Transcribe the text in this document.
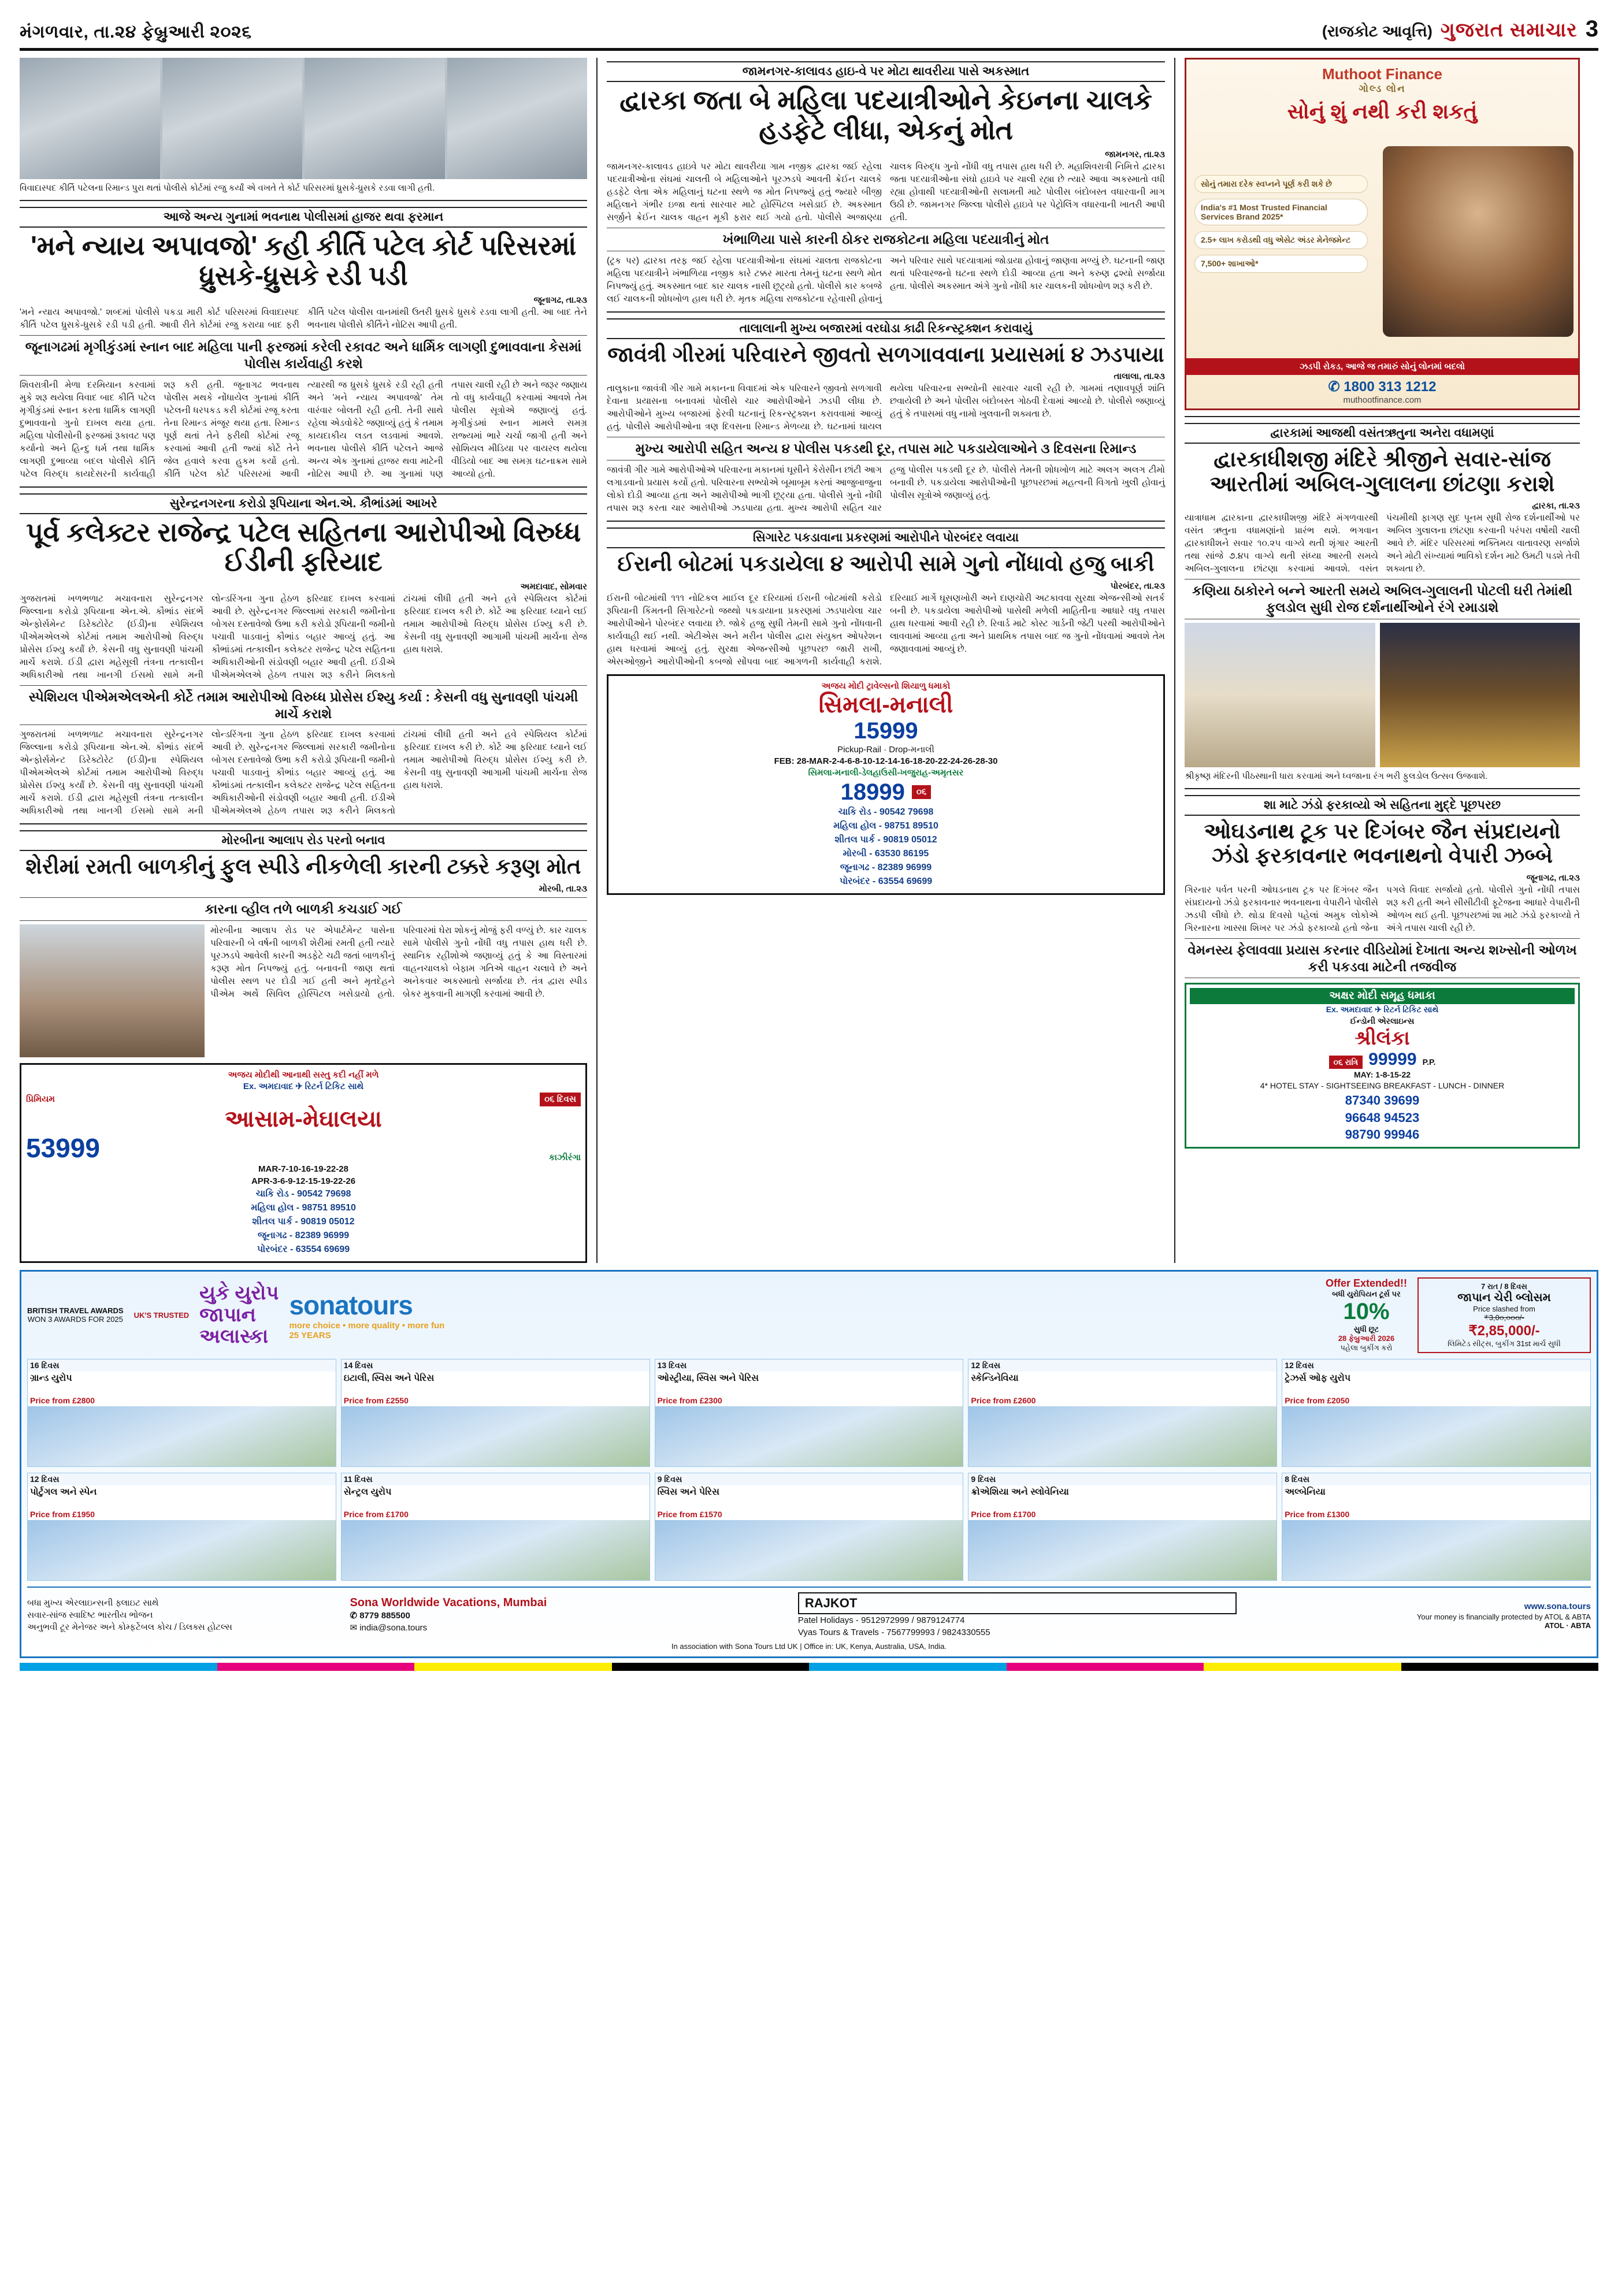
મંગળવાર, તા.૨૪ ફેબ્રુઆરી ૨૦૨૬	(રાજકોટ આવૃત્તિ) ગુજરાત સમાચાર 3
વિવાદાસ્પદ કીર્તિ પટેલના રિમાન્ડ પુરા થતાં પોલીસે કોર્ટમાં રજુ કર્યાં એ વખતે તે કોર્ટ પરિસરમાં ધ્રુસકે-ધ્રુસકે રડવા લાગી હતી.
આજે અન્ય ગુનામાં ભવનાથ પોલીસમાં હાજર થવા ફરમાન
'મને ન્યાય અપાવજો' કહી કીર્તિ પટેલ કોર્ટ પરિસરમાં ધ્રુસકે-ધ્રુસકે રડી પડી
જૂનાગઢ, તા.૨૩
'મને ન્યાય અપાવજો.' શબ્દમાં પોલીસે પકડા મારી કોર્ટ પરિસરમાં વિવાદાસ્પદ કીર્તિ પટેલ ધ્રુસકે-ધ્રુસકે રડી પડી હતી. આવી રીતે કોર્ટમાં રજુ કરાયા બાદ ફરી કીર્તિ પટેલ પોલીસ વાનમાંથી ઉતરી ધ્રુસકે ધ્રુસકે રડવા લાગી હતી. આ બાદ તેને ભવનાથ પોલીસે કીર્તિને નોટિસ આપી હતી.
જૂનાગઢમાં મૃગીકુંડમાં સ્નાન બાદ મહિલા પાની ફરજમાં કરેલી રકાવટ અને ધાર્મિક લાગણી દુભાવવાના કેસમાં પોલીસ કાર્યવાહી કરશે
શિવરાત્રીની મેળા દરમિયાન કરવામાં મુકે શરૂ થયેલા વિવાદ બાદ કીર્તિ પટેલ મૃગીકુંડમાં સ્નાન કરતા ધાર્મિક લાગણી દુભાવવાનો ગુનો દાખલ થયા હતા. મહિલા પોલીસોની ફરજમાં રૂકાવટ પણ કર્યાનો અને હિન્દુ ધર્મ તથા ધાર્મિક લાગણી દુભાવ્યા બદલ પોલીસે કીર્તિ પટેલ વિરુદ્ધ કાયદેસરની કાર્યવાહી શરૂ કરી હતી. જૂનાગઢ ભવનાથ પોલીસ મથકે નોંધાયેલ ગુનામાં કીર્તિ પટેલની ધરપકડ કરી કોર્ટમાં રજૂ કરતા તેના રિમાન્ડ મંજૂર થયા હતા. રિમાન્ડ પૂર્ણ થતાં તેને ફરીથી કોર્ટમાં રજૂ કરવામાં આવી હતી જ્યાં કોર્ટે તેને જેલ હવાલે કરવા હુકમ કર્યો હતો. કીર્તિ પટેલ કોર્ટ પરિસરમાં આવી ત્યારથી જ ધ્રુસકે ધ્રુસકે રડી રહી હતી અને 'મને ન્યાય અપાવજો' તેમ વારંવાર બોલતી રહી હતી. તેની સાથે રહેલા એડવોકેટે જણાવ્યું હતું કે તમામ કાયદાકીય લડત લડવામાં આવશે. ભવનાથ પોલીસે કીર્તિ પટેલને આજે અન્ય એક ગુનામાં હાજર થવા માટેની નોટિસ આપી છે. આ ગુનામાં પણ તપાસ ચાલી રહી છે અને જરૂર જણાય તો વધુ કાર્યવાહી કરવામાં આવશે તેમ પોલીસ સૂત્રોએ જણાવ્યું હતું. મૃગીકુંડમાં સ્નાન મામલે સમગ્ર રાજ્યમાં ભારે ચર્ચા જાગી હતી અને સોશિયલ મીડિયા પર વાયરલ થયેલા વીડિયો બાદ આ સમગ્ર ઘટનાક્રમ સામે આવ્યો હતો.
સુરેન્દ્રનગરના કરોડો રૂપિયાના એન.એ. કૌભાંડમાં આખરે
પૂર્વ કલેક્ટર રાજેન્દ્ર પટેલ સહિતના આરોપીઓ વિરુધ્ધ ઈડીની ફરિયાદ
અમદાવાદ, સોમવાર
ગુજરાતમાં ખળભળાટ મચાવનારા સુરેન્દ્રનગર જિલ્લાના કરોડો રૂપિયાના એન.એ. કૌભાંડ સંદર્ભે એન્ફોર્સમેન્ટ ડિરેક્ટોરેટ (ઈડી)ના સ્પેશિયલ પીએમએલએ કોર્ટમાં તમામ આરોપીઓ વિરુદ્ધ પ્રોસેસ ઈશ્યુ કર્યાં છે. કેસની વધુ સુનાવણી પાંચમી માર્ચે કરાશે. ઈડી દ્વારા મહેસૂલી તંત્રના તત્કાલીન અધિકારીઓ તથા ખાનગી ઈસમો સામે મની લોન્ડરિંગના ગુના હેઠળ ફરિયાદ દાખલ કરવામાં આવી છે. સુરેન્દ્રનગર જિલ્લામાં સરકારી જમીનોના બોગસ દસ્તાવેજો ઉભા કરી કરોડો રૂપિયાની જમીનો પચાવી પાડવાનું કૌભાંડ બહાર આવ્યું હતું. આ કૌભાંડમાં તત્કાલીન કલેક્ટર રાજેન્દ્ર પટેલ સહિતના અધિકારીઓની સંડોવણી બહાર આવી હતી. ઈડીએ પીએમએલએ હેઠળ તપાસ શરૂ કરીને મિલકતો ટાંચમાં લીધી હતી અને હવે સ્પેશિયલ કોર્ટમાં ફરિયાદ દાખલ કરી છે. કોર્ટે આ ફરિયાદ ધ્યાને લઈ તમામ આરોપીઓ વિરુદ્ધ પ્રોસેસ ઈશ્યુ કરી છે. કેસની વધુ સુનાવણી આગામી પાંચમી માર્ચના રોજ હાથ ધરાશે.
સ્પેશિયલ પીએમએલએની કોર્ટે તમામ આરોપીઓ વિરુધ્ધ પ્રોસેસ ઈશ્યુ કર્યા : કેસની વધુ સુનાવણી પાંચમી માર્ચે કરાશે
ગુજરાતમાં ખળભળાટ મચાવનારા સુરેન્દ્રનગર જિલ્લાના કરોડો રૂપિયાના એન.એ. કૌભાંડ સંદર્ભે એન્ફોર્સમેન્ટ ડિરેક્ટોરેટ (ઈડી)ના સ્પેશિયલ પીએમએલએ કોર્ટમાં તમામ આરોપીઓ વિરુદ્ધ પ્રોસેસ ઈશ્યુ કર્યાં છે. કેસની વધુ સુનાવણી પાંચમી માર્ચે કરાશે. ઈડી દ્વારા મહેસૂલી તંત્રના તત્કાલીન અધિકારીઓ તથા ખાનગી ઈસમો સામે મની લોન્ડરિંગના ગુના હેઠળ ફરિયાદ દાખલ કરવામાં આવી છે. સુરેન્દ્રનગર જિલ્લામાં સરકારી જમીનોના બોગસ દસ્તાવેજો ઉભા કરી કરોડો રૂપિયાની જમીનો પચાવી પાડવાનું કૌભાંડ બહાર આવ્યું હતું. આ કૌભાંડમાં તત્કાલીન કલેક્ટર રાજેન્દ્ર પટેલ સહિતના અધિકારીઓની સંડોવણી બહાર આવી હતી. ઈડીએ પીએમએલએ હેઠળ તપાસ શરૂ કરીને મિલકતો ટાંચમાં લીધી હતી અને હવે સ્પેશિયલ કોર્ટમાં ફરિયાદ દાખલ કરી છે. કોર્ટે આ ફરિયાદ ધ્યાને લઈ તમામ આરોપીઓ વિરુદ્ધ પ્રોસેસ ઈશ્યુ કરી છે. કેસની વધુ સુનાવણી આગામી પાંચમી માર્ચના રોજ હાથ ધરાશે.
મોરબીના આલાપ રોડ પરનો બનાવ
શેરીમાં રમતી બાળકીનું ફુલ સ્પીડે નીકળેલી કારની ટક્કરે કરૂણ મોત
મોરબી, તા.૨૩
કારના વ્હીલ તળે બાળકી કચડાઈ ગઈ
મોરબીના આલાપ રોડ પર એપાર્ટમેન્ટ પાસેના પરિવારની બે વર્ષની બાળકી શેરીમાં રમતી હતી ત્યારે પૂરઝડપે આવેલી કારની અડફેટે ચઢી જતાં બાળકીનું કરૂણ મોત નિપજ્યું હતું. બનાવની જાણ થતાં પોલીસ સ્થળ પર દોડી ગઈ હતી અને મૃતદેહને પીએમ અર્થે સિવિલ હોસ્પિટલ ખસેડાયો હતો. પરિવારમાં ઘેરા શોકનું મોજું ફરી વળ્યું છે. કાર ચાલક સામે પોલીસે ગુનો નોંધી વધુ તપાસ હાથ ધરી છે. સ્થાનિક રહીશોએ જણાવ્યું હતું કે આ વિસ્તારમાં વાહનચાલકો બેફામ ગતિએ વાહન ચલાવે છે અને અનેકવાર અકસ્માતો સર્જાયા છે. તંત્ર દ્વારા સ્પીડ બ્રેકર મુકવાની માગણી કરવામાં આવી છે.
અજય મોદીથી આનાથી સસ્તુ કદી નહીં મળે
Ex. અમદાવાદ ✈ રિટર્ન ટિકિટ સાથે
પ્રિમિયમ	૦૬ દિવસ
આસામ-મેઘાલયા
53999	કાઝીરંગા
MAR-7-10-16-19-22-28
APR-3-6-9-12-15-19-22-26
ચાકિ રોડ - 90542 79698
મહિલા હોલ - 98751 89510
શીતલ પાર્ક - 90819 05012
જૂનાગઢ - 82389 96999
પોરબંદર - 63554 69699
જામનગર-કાલાવડ હાઇ-વે પર મોટા થાવરીયા પાસે અકસ્માત
દ્વારકા જતા બે મહિલા પદયાત્રીઓને કેઇનના ચાલકે હડફેટે લીધા, એકનું મોત
જામનગર, તા.૨૩
જામનગર-કાલાવડ હાઇવે પર મોટા થાવરીયા ગામ નજીક દ્વારકા જઈ રહેલા પદયાત્રીઓના સંઘમાં ચાલતી બે મહિલાઓને પૂરઝડપે આવતી ક્રેઈન ચાલકે હડફેટે લેતા એક મહિલાનું ઘટના સ્થળે જ મોત નિપજ્યું હતું જ્યારે બીજી મહિલાને ગંભીર ઇજા થતાં સારવાર માટે હોસ્પિટલ ખસેડાઈ છે. અકસ્માત સર્જીને ક્રેઈન ચાલક વાહન મૂકી ફરાર થઈ ગયો હતો. પોલીસે અજાણ્યા ચાલક વિરુદ્ધ ગુનો નોંધી વધુ તપાસ હાથ ધરી છે. મહાશિવરાત્રી નિમિત્તે દ્વારકા જતા પદયાત્રીઓના સંઘો હાઇવે પર ચાલી રહ્યા છે ત્યારે આવા અકસ્માતો વધી રહ્યા હોવાથી પદયાત્રીઓની સલામતી માટે પોલીસ બંદોબસ્ત વધારવાની માગ ઉઠી છે. જામનગર જિલ્લા પોલીસે હાઇવે પર પેટ્રોલિંગ વધારવાની ખાતરી આપી હતી.
ખંભાળિયા પાસે કારની ઠોકર રાજકોટના મહિલા પદયાત્રીનું મોત
(ટ્રક પર) દ્વારકા તરફ જઈ રહેલા પદયાત્રીઓના સંઘમાં ચાલતા રાજકોટના મહિલા પદયાત્રીને ખંભાળિયા નજીક કારે ટક્કર મારતા તેમનું ઘટના સ્થળે મોત નિપજ્યું હતું. અકસ્માત બાદ કાર ચાલક નાસી છૂટ્યો હતો. પોલીસે કાર કબજે લઈ ચાલકની શોધખોળ હાથ ધરી છે. મૃતક મહિલા રાજકોટના રહેવાસી હોવાનું અને પરિવાર સાથે પદયાત્રામાં જોડાયા હોવાનું જાણવા મળ્યું છે. ઘટનાની જાણ થતાં પરિવારજનો ઘટના સ્થળે દોડી આવ્યા હતા અને કરુણ દ્રશ્યો સર્જાયા હતા. પોલીસે અકસ્માત અંગે ગુનો નોંધી કાર ચાલકની શોધખોળ શરૂ કરી છે.
તાલાલાની મુખ્ય બજારમાં વરઘોડા કાઢી રિકન્સ્ટ્રક્શન કરાવાયું
જાવંત્રી ગીરમાં પરિવારને જીવતો સળગાવવાના પ્રયાસમાં ૪ ઝડપાયા
તાલાલા, તા.૨૩
તાલુકાના જાવંત્રી ગીર ગામે મકાનના વિવાદમાં એક પરિવારને જીવતો સળગાવી દેવાના પ્રયાસના બનાવમાં પોલીસે ચાર આરોપીઓને ઝડપી લીધા છે. આરોપીઓને મુખ્ય બજારમાં ફેરવી ઘટનાનું રિકન્સ્ટ્રક્શન કરાવવામાં આવ્યું હતું. પોલીસે આરોપીઓના ત્રણ દિવસના રિમાન્ડ મેળવ્યા છે. ઘટનામાં ઘાયલ થયેલા પરિવારના સભ્યોની સારવાર ચાલી રહી છે. ગામમાં તણાવપૂર્ણ શાંતિ છવાયેલી છે અને પોલીસ બંદોબસ્ત ગોઠવી દેવામાં આવ્યો છે. પોલીસે જણાવ્યું હતું કે તપાસમાં વધુ નામો ખુલવાની શક્યતા છે.
મુખ્ય આરોપી સહિત અન્ય ૪ પોલીસ પકડથી દૂર, તપાસ માટે પકડાયેલાઓને ૩ દિવસના રિમાન્ડ
જાવંત્રી ગીર ગામે આરોપીઓએ પરિવારના મકાનમાં ઘૂસીને કેરોસીન છાંટી આગ લગાડવાનો પ્રયાસ કર્યો હતો. પરિવારના સભ્યોએ બૂમાબૂમ કરતાં આજુબાજુના લોકો દોડી આવ્યા હતા અને આરોપીઓ ભાગી છૂટ્યા હતા. પોલીસે ગુનો નોંધી તપાસ શરૂ કરતા ચાર આરોપીઓ ઝડપાયા હતા. મુખ્ય આરોપી સહિત ચાર હજુ પોલીસ પકડથી દૂર છે. પોલીસે તેમની શોધખોળ માટે અલગ અલગ ટીમો બનાવી છે. પકડાયેલા આરોપીઓની પૂછપરછમાં મહત્વની વિગતો ખુલી હોવાનું પોલીસ સૂત્રોએ જણાવ્યું હતું.
સિગારેટ પકડાવાના પ્રકરણમાં આરોપીને પોરબંદર લવાયા
ઈરાની બોટમાં પકડાયેલા ૪ આરોપી સામે ગુનો નોંધાવો હજુ બાકી
પોરબંદર, તા.૨૩
ઈરાની બોટમાંથી ૧૧૧ નોટિકલ માઈલ દૂર દરિયામાં ઈરાની બોટમાંથી કરોડો રૂપિયાની કિંમતની સિગારેટનો જથ્થો પકડાયાના પ્રકરણમાં ઝડપાયેલા ચાર આરોપીઓને પોરબંદર લવાયા છે. જોકે હજુ સુધી તેમની સામે ગુનો નોંધવાની કાર્યવાહી થઈ નથી. એટીએસ અને મરીન પોલીસ દ્વારા સંયુક્ત ઓપરેશન હાથ ધરવામાં આવ્યું હતું. સુરક્ષા એજન્સીઓ પૂછપરછ જારી રાખી, એસઓજીને આરોપીઓની કબજો સોંપવા બાદ આગળની કાર્યવાહી કરાશે. દરિયાઈ માર્ગે ઘૂસણખોરી અને દાણચોરી અટકાવવા સુરક્ષા એજન્સીઓ સતર્ક બની છે. પકડાયેલા આરોપીઓ પાસેથી મળેલી માહિતીના આધારે વધુ તપાસ હાથ ધરવામાં આવી રહી છે. રિવાર્ડ માટે કોસ્ટ ગાર્ડની જેટી પરથી આરોપીઓને લાવવામાં આવ્યા હતા અને પ્રાથમિક તપાસ બાદ જ ગુનો નોંધવામાં આવશે તેમ જણાવવામાં આવ્યું છે.
અજય મોદી ટ્રાવેલ્સનો શિયાળુ ધમાકો
સિમલા-મનાલી
15999
Pickup-Rail · Drop-મનાલી
FEB: 28-MAR-2-4-6-8-10-12-14-16-18-20-22-24-26-28-30
સિમલા-મનાલી-ડેલહાઉસી-ખજુરાહ-અમૃતસર
18999	૦૬
ચાકિ રોડ - 90542 79698
મહિલા હોલ - 98751 89510
શીતલ પાર્ક - 90819 05012
મોરબી - 63530 86195
જૂનાગઢ - 82389 96999
પોરબંદર - 63554 69699
Muthoot Finance
ગોલ્ડ લોન
સોનું શું નથી કરી શકતું
સોનું તમારા દરેક સ્વપ્નને પૂર્ણ કરી શકે છે
India's #1 Most Trusted Financial Services Brand 2025*
2.5+ લાખ કરોડથી વધુ એસેટ અંડર મેનેજમેન્ટ
7,500+ શાખાઓ*
ઝડપી રોકડ, આજે જ તમારું સોનું લોનમાં બદલો
✆ 1800 313 1212
muthootfinance.com
દ્વારકામાં આજથી વસંતઋતુના અનેરા વધામણાં
દ્વારકાધીશજી મંદિરે શ્રીજીને સવાર-સાંજ આરતીમાં અબિલ-ગુલાલના છાંટણા કરાશે
દ્વારકા, તા.૨૩
યાત્રાધામ દ્વારકાના દ્વારકાધીશજી મંદિરે મંગળવારથી વસંત ઋતુના વધામણાંનો પ્રારંભ થશે. ભગવાન દ્વારકાધીશને સવાર ૧૦.૨૫ વાગ્યે થતી શૃંગાર આરતી તથા સાંજે ૭.૪૫ વાગ્યે થતી સંધ્યા આરતી સમયે અબિલ-ગુલાલના છાંટણા કરવામાં આવશે. વસંત પંચમીથી ફાગણ સુદ પૂનમ સુધી રોજ દર્શનાર્થીઓ પર અબિલ ગુલાલના છાંટણા કરવાની પરંપરા વર્ષોથી ચાલી આવે છે. મંદિર પરિસરમાં ભક્તિમય વાતાવરણ સર્જાશે અને મોટી સંખ્યામાં ભાવિકો દર્શન માટે ઉમટી પડશે તેવી શક્યતા છે.
કણિયા ઠાકોરને બન્ને આરતી સમયે અબિલ-ગુલાલની પોટલી ઘરી તેમાંથી ફુલડોલ સુધી રોજ દર્શનાર્થીઓને રંગે રમાડાશે
શ્રીકૃષ્ણ મંદિરની પીઠસ્થાની ધારા કરવામાં અને ધ્વજાના રંગ ભરી ફુલડોલ ઉત્સવ ઉજવાશે.
શા માટે ઝંડો ફરકાવ્યો એ સહિતના મુદ્દે પૂછપરછ
ઓઘડનાથ ટૂક પર દિગંબર જૈન સંપ્રદાયનો ઝંડો ફરકાવનાર ભવનાથનો વેપારી ઝબ્બે
જૂનાગઢ, તા.૨૩
ગિરનાર પર્વત પરની ઓઘડનાથ ટૂક પર દિગંબર જૈન સંપ્રદાયનો ઝંડો ફરકાવનાર ભવનાથના વેપારીને પોલીસે ઝડપી લીધો છે. થોડા દિવસો પહેલાં અમુક લોકોએ ગિરનારના ખાસ્સા શિખર પર ઝંડો ફરકાવ્યો હતો જેના પગલે વિવાદ સર્જાયો હતો. પોલીસે ગુનો નોંધી તપાસ શરૂ કરી હતી અને સીસીટીવી ફૂટેજના આધારે વેપારીની ઓળખ થઈ હતી. પૂછપરછમાં શા માટે ઝંડો ફરકાવ્યો તે અંગે તપાસ ચાલી રહી છે.
વેમનસ્ય ફેલાવવાા પ્રયાસ કરનાર વીડિયોમાં દેખાતા અન્ય શખ્સોની ઓળખ કરી પકડવા માટેની તજવીજ
અક્ષર મોદી સમૂહ ધમાકા
Ex. અમદાવાદ ✈ રિટર્ન ટિકિટ સાથે
ઈન્ડોની એરલાઇન્સ
શ્રીલંકા
૦૬ રાત્રિ 99999 P.P.
MAY: 1-8-15-22
4* HOTEL STAY - SIGHTSEEING BREAKFAST - LUNCH - DINNER
87340 39699
96648 94523
98790 99946
BRITISH TRAVEL AWARDS
WON 3 AWARDS FOR 2025 UK'S TRUSTED
યુકે યુરોપ
જાપાન
અલાસ્કા
sonatours
more choice • more quality • more fun
25 YEARS
Offer Extended!!
બધી યુરોપિયન ટૂર્સ પર
10%
સુધી છૂટ
28 ફેબ્રુઆરી 2026
પહેલા બુકીંગ કરો
7 રાત / 8 દિવસ
જાપાન ચેરી બ્લોસમ
Price slashed from
₹3,0૦,૦૦૦/-
₹2,85,000/-
લિમિટેડ સીટ્સ, બુકીંગ 31st માર્ચ સુધી
16 દિવસ
ગ્રાન્ડ યુરોપ
Price from £2800
14 દિવસ
ઇટાલી, સ્વિસ અને પેરિસ
Price from £2550
13 દિવસ
ઓસ્ટ્રીયા, સ્વિસ અને પેરિસ
Price from £2300
12 દિવસ
સ્કેન્ડિનેવિયા
Price from £2600
12 દિવસ
ટ્રેઝર્સ ઓફ યુરોપ
Price from £2050
12 દિવસ
પોર્ટુગલ અને સ્પેન
Price from £1950
11 દિવસ
સેન્ટ્રલ યુરોપ
Price from £1700
9 દિવસ
સ્વિસ અને પેરિસ
Price from £1570
9 દિવસ
ક્રોએશિયા અને સ્લોવેનિયા
Price from £1700
8 દિવસ
અલ્બેનિયા
Price from £1300
બધા મુખ્ય એરલાઇન્સની ફ્લાઇટ સાથે
સવાર-સાંજ સ્વાદિષ્ટ ભારતીય ભોજન
અનુભવી ટૂર મેનેજર અને કોમ્ફર્ટેબલ કોચ / ડિલક્સ હોટલ્સ
Sona Worldwide Vacations, Mumbai
✆ 8779 885500
✉ india@sona.tours
RAJKOT
Patel Holidays - 9512972999 / 9879124774
Vyas Tours & Travels - 7567799993 / 9824330555
www.sona.tours
Your money is financially protected by ATOL & ABTA
ATOL · ABTA
In association with Sona Tours Ltd UK | Office in: UK, Kenya, Australia, USA, India.
